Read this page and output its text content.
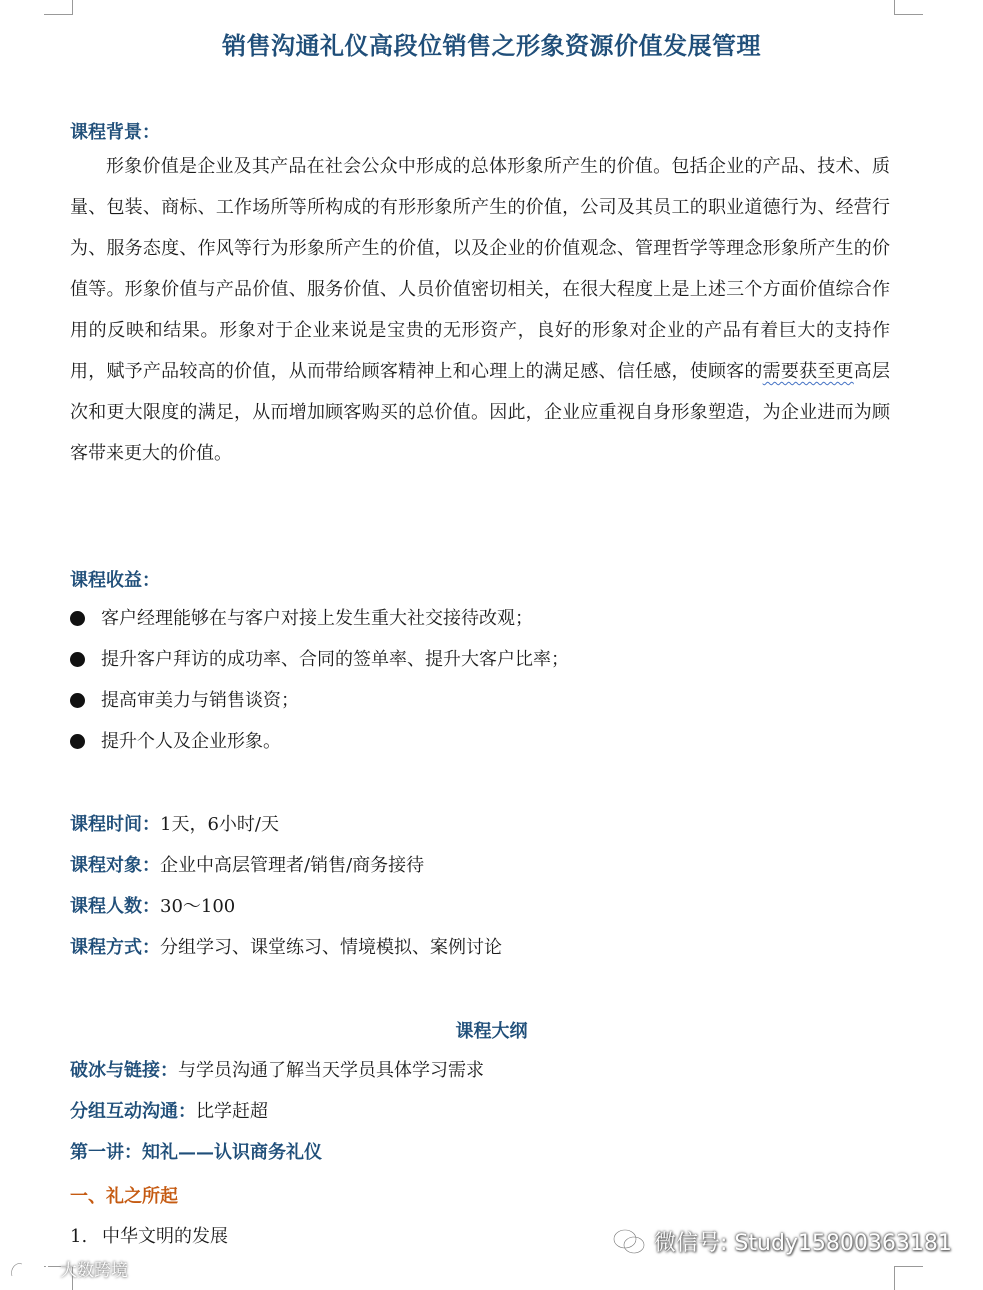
销售沟通礼仪高段位销售之形象资源价值发展管理
课程背景：
形象价值是企业及其产品在社会公众中形成的总体形象所产生的价值。包括企业的产品、技术、质量、包装、商标、工作场所等所构成的有形形象所产生的价值，公司及其员工的职业道德行为、经营行为、服务态度、作风等行为形象所产生的价值，以及企业的价值观念、管理哲学等理念形象所产生的价值等。形象价值与产品价值、服务价值、人员价值密切相关，在很大程度上是上述三个方面价值综合作用的反映和结果。形象对于企业来说是宝贵的无形资产，良好的形象对企业的产品有着巨大的支持作用，赋予产品较高的价值，从而带给顾客精神上和心理上的满足感、信任感，使顾客的需要获至更高层次和更大限度的满足，从而增加顾客购买的总价值。因此，企业应重视自身形象塑造，为企业进而为顾客带来更大的价值。
课程收益：
客户经理能够在与客户对接上发生重大社交接待改观；
提升客户拜访的成功率、合同的签单率、提升大客户比率；
提高审美力与销售谈资；
提升个人及企业形象。
课程时间：1天，6小时/天
课程对象：企业中高层管理者/销售/商务接待
课程人数：30～100
课程方式：分组学习、课堂练习、情境模拟、案例讨论
课程大纲
破冰与链接：与学员沟通了解当天学员具体学习需求
分组互动沟通：比学赶超
第一讲：知礼——认识商务礼仪
一、礼之所起
1. 中华文明的发展	微信号: Study15800363181
大数跨境
